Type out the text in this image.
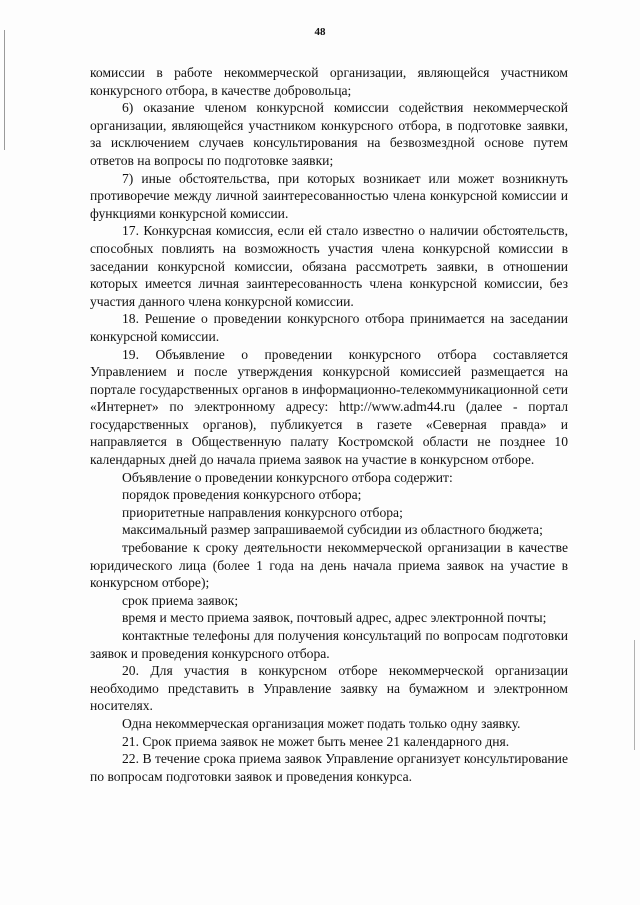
48

комиссии в работе некоммерческой организации, являющейся участником конкурсного отбора, в качестве добровольца;

6) оказание членом конкурсной комиссии содействия некоммерческой организации, являющейся участником конкурсного отбора, в подготовке заявки, за исключением случаев консультирования на безвозмездной основе путем ответов на вопросы по подготовке заявки;

7) иные обстоятельства, при которых возникает или может возникнуть противоречие между личной заинтересованностью члена конкурсной комиссии и функциями конкурсной комиссии.

17. Конкурсная комиссия, если ей стало известно о наличии обстоятельств, способных повлиять на возможность участия члена конкурсной комиссии в заседании конкурсной комиссии, обязана рассмотреть заявки, в отношении которых имеется личная заинтересованность члена конкурсной комиссии, без участия данного члена конкурсной комиссии.

18. Решение о проведении конкурсного отбора принимается на заседании конкурсной комиссии.

19. Объявление о проведении конкурсного отбора составляется Управлением и после утверждения конкурсной комиссией размещается на портале государственных органов в информационно-телекоммуникационной сети «Интернет» по электронному адресу: http://www.adm44.ru (далее - портал государственных органов), публикуется в газете «Северная правда» и направляется в Общественную палату Костромской области не позднее 10 календарных дней до начала приема заявок на участие в конкурсном отборе.

Объявление о проведении конкурсного отбора содержит:

порядок проведения конкурсного отбора;

приоритетные направления конкурсного отбора;

максимальный размер запрашиваемой субсидии из областного бюджета;

требование к сроку деятельности некоммерческой организации в качестве юридического лица (более 1 года на день начала приема заявок на участие в конкурсном отборе);

срок приема заявок;

время и место приема заявок, почтовый адрес, адрес электронной почты;

контактные телефоны для получения консультаций по вопросам подготовки заявок и проведения конкурсного отбора.

20. Для участия в конкурсном отборе некоммерческой организации необходимо представить в Управление заявку на бумажном и электронном носителях.

Одна некоммерческая организация может подать только одну заявку.

21. Срок приема заявок не может быть менее 21 календарного дня.

22. В течение срока приема заявок Управление организует консультирование по вопросам подготовки заявок и проведения конкурса.
